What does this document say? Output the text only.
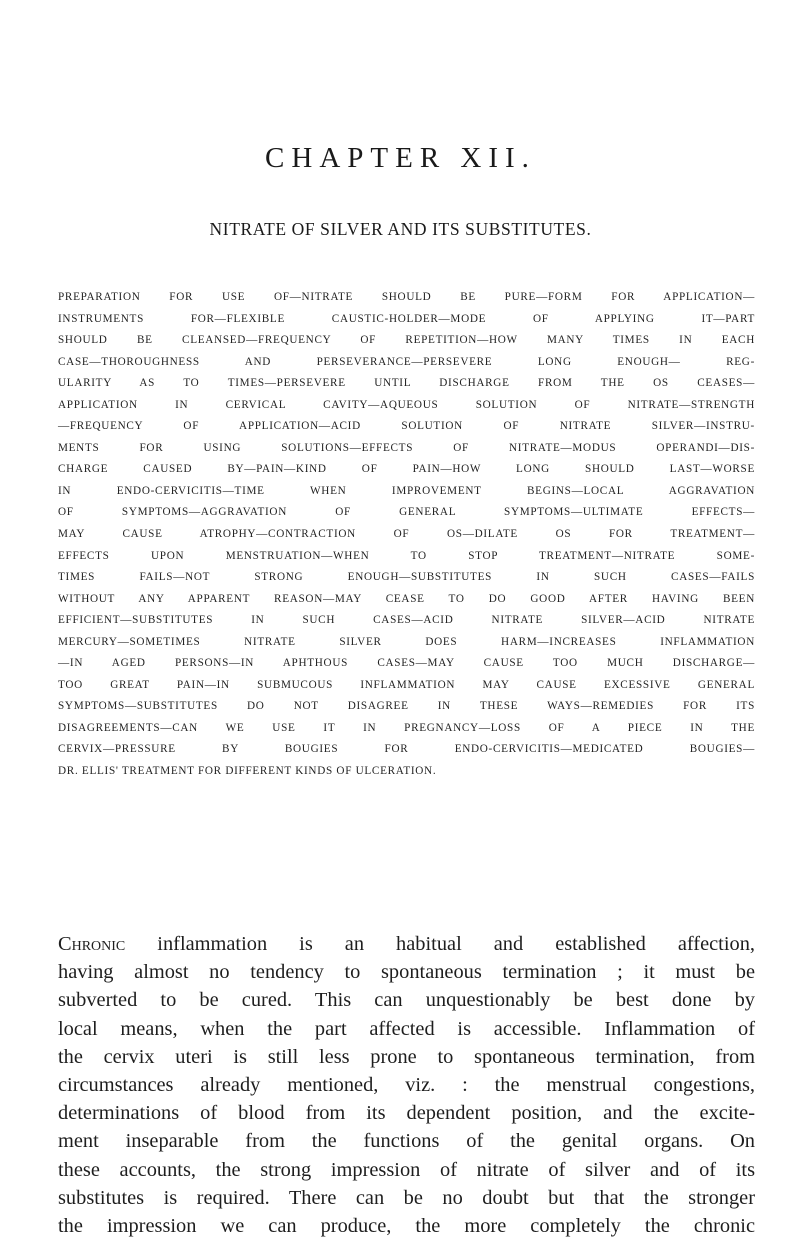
CHAPTER XII.
NITRATE OF SILVER AND ITS SUBSTITUTES.
PREPARATION FOR USE OF—NITRATE SHOULD BE PURE—FORM FOR APPLICATION—
INSTRUMENTS FOR—FLEXIBLE CAUSTIC-HOLDER—MODE OF APPLYING IT—PART
SHOULD BE CLEANSED—FREQUENCY OF REPETITION—HOW MANY TIMES IN EACH
CASE—THOROUGHNESS AND PERSEVERANCE—PERSEVERE LONG ENOUGH— REG-
ULARITY AS TO TIMES—PERSEVERE UNTIL DISCHARGE FROM THE OS CEASES—
APPLICATION IN CERVICAL CAVITY—AQUEOUS SOLUTION OF NITRATE—STRENGTH
—FREQUENCY OF APPLICATION—ACID SOLUTION OF NITRATE SILVER—INSTRU-
MENTS FOR USING SOLUTIONS—EFFECTS OF NITRATE—MODUS OPERANDI—DIS-
CHARGE CAUSED BY—PAIN—KIND OF PAIN—HOW LONG SHOULD LAST—WORSE
IN ENDO-CERVICITIS—TIME WHEN IMPROVEMENT BEGINS—LOCAL AGGRAVATION
OF SYMPTOMS—AGGRAVATION OF GENERAL SYMPTOMS—ULTIMATE EFFECTS—
MAY CAUSE ATROPHY—CONTRACTION OF OS—DILATE OS FOR TREATMENT—
EFFECTS UPON MENSTRUATION—WHEN TO STOP TREATMENT—NITRATE SOME-
TIMES FAILS—NOT STRONG ENOUGH—SUBSTITUTES IN SUCH CASES—FAILS
WITHOUT ANY APPARENT REASON—MAY CEASE TO DO GOOD AFTER HAVING BEEN
EFFICIENT—SUBSTITUTES IN SUCH CASES—ACID NITRATE SILVER—ACID NITRATE
MERCURY—SOMETIMES NITRATE SILVER DOES HARM—INCREASES INFLAMMATION
—IN AGED PERSONS—IN APHTHOUS CASES—MAY CAUSE TOO MUCH DISCHARGE—
TOO GREAT PAIN—IN SUBMUCOUS INFLAMMATION MAY CAUSE EXCESSIVE GENERAL
SYMPTOMS—SUBSTITUTES DO NOT DISAGREE IN THESE WAYS—REMEDIES FOR ITS
DISAGREEMENTS—CAN WE USE IT IN PREGNANCY—LOSS OF A PIECE IN THE
CERVIX—PRESSURE BY BOUGIES FOR ENDO-CERVICITIS—MEDICATED BOUGIES—
DR. ELLIS' TREATMENT FOR DIFFERENT KINDS OF ULCERATION.
Chronic inflammation is an habitual and established affection,
having almost no tendency to spontaneous termination ; it must be
subverted to be cured. This can unquestionably be best done by
local means, when the part affected is accessible. Inflammation of
the cervix uteri is still less prone to spontaneous termination, from
circumstances already mentioned, viz. : the menstrual congestions,
determinations of blood from its dependent position, and the excite-
ment inseparable from the functions of the genital organs. On
these accounts, the strong impression of nitrate of silver and of its
substitutes is required. There can be no doubt but that the stronger
the impression we can produce, the more completely the chronic
